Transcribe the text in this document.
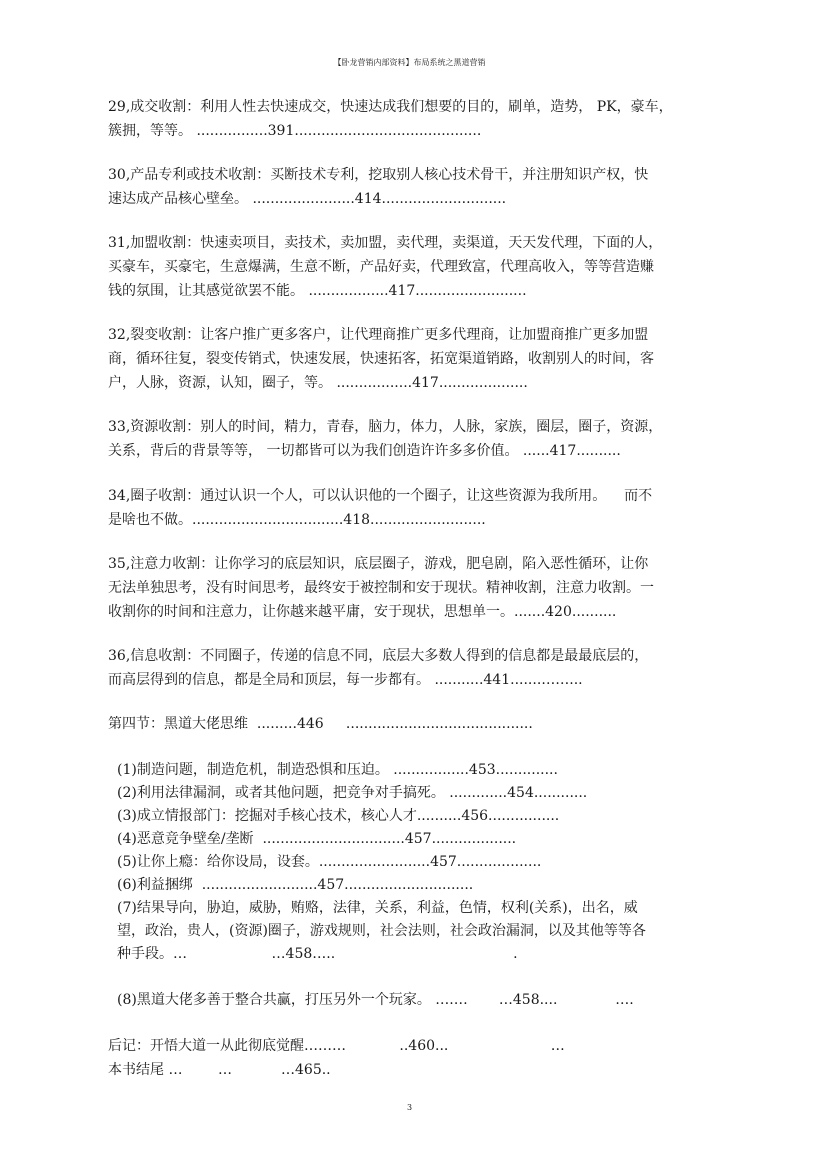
【卧龙营销内部资料】布局系统之黑道营销
29,成交收割：利用人性去快速成交，快速达成我们想要的目的，刷单，造势， PK，豪车，
簇拥，等等。 ................391..........................................
30,产品专利或技术收割：买断技术专利，挖取别人核心技术骨干，并注册知识产权，快
速达成产品核心壁垒。 .......................414............................
31,加盟收割：快速卖项目，卖技术，卖加盟，卖代理，卖渠道，天天发代理，下面的人，
买豪车，买豪宅，生意爆满，生意不断，产品好卖，代理致富，代理高收入，等等营造赚
钱的氛围，让其感觉欲罢不能。 ..................417.........................
32,裂变收割：让客户推广更多客户，让代理商推广更多代理商，让加盟商推广更多加盟
商，循环往复，裂变传销式，快速发展，快速拓客，拓宽渠道销路，收割别人的时间，客
户，人脉，资源，认知，圈子，等。 .................417....................
33,资源收割：别人的时间，精力，青春，脑力，体力，人脉，家族，圈层，圈子，资源，
关系，背后的背景等等， 一切都皆可以为我们创造许许多多价值。 ......417..........
34,圈子收割：通过认识一个人，可以认识他的一个圈子，让这些资源为我所用。    而不
是啥也不做。..................................418..........................
35,注意力收割：让你学习的底层知识，底层圈子，游戏，肥皂剧，陷入恶性循环，让你
无法单独思考，没有时间思考，最终安于被控制和安于现状。精神收割，注意力收割。一
收割你的时间和注意力，让你越来越平庸，安于现状，思想单一。.......420..........
36,信息收割：不同圈子，传递的信息不同，底层大多数人得到的信息都是最最底层的，
而高层得到的信息，都是全局和顶层，每一步都有。 ...........441.......……...
第四节：黑道大佬思维  .........446     ..........................................
(1)制造问题，制造危机，制造恐惧和压迫。 .................453..............
(2)利用法律漏洞，或者其他问题，把竞争对手搞死。 .............454............
(3)成立情报部门：挖掘对手核心技术，核心人才..........456................
(4)恶意竞争壁垒/垄断  ................................457...................
(5)让你上瘾：给你设局，设套。.........................457...................
(6)利益捆绑  ..........................457.............................
(7)结果导向，胁迫，威胁，贿赂，法律，关系，利益，色情，权利(关系)，出名，威
望，政治，贵人，(资源)圈子，游戏规则，社会法则，社会政治漏洞，以及其他等等各
种手段。…                   …458…..                                        .
(8)黑道大佬多善于整合共赢，打压另外一个玩家。 ….…       …458....             ….
后记：开悟大道一从此彻底觉醒………            ..460...                       …
本书结尾 …        …           …465..
3
